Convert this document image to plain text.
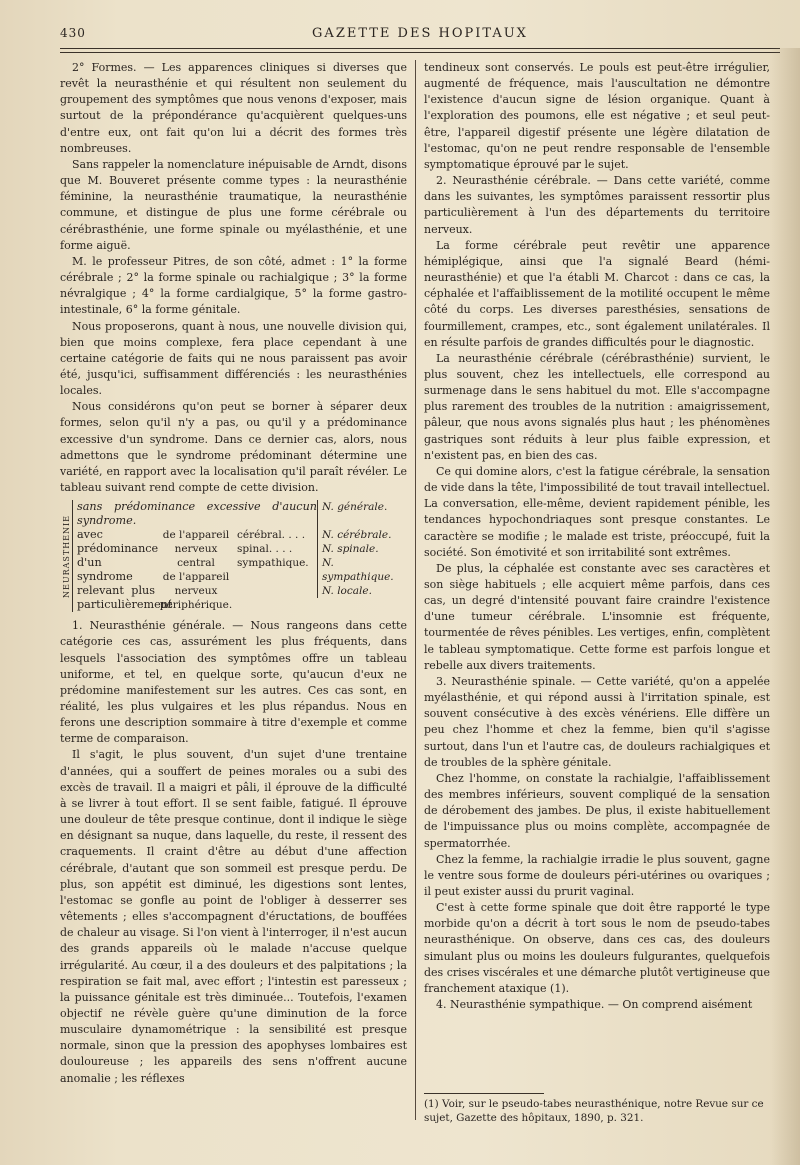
430	GAZETTE DES HOPITAUX

2° Formes. — Les apparences cliniques si diverses que revêt la neurasthénie et qui résultent non seulement du groupement des symptômes que nous venons d'exposer, mais surtout de la prépondérance qu'acquièrent quelques-uns d'entre eux, ont fait qu'on lui a décrit des formes très nombreuses.

Sans rappeler la nomenclature inépuisable de Arndt, disons que M. Bouveret présente comme types : la neurasthénie féminine, la neurasthénie traumatique, la neurasthénie commune, et distingue de plus une forme cérébrale ou cérébrasthénie, une forme spinale ou myélasthénie, et une forme aiguë.

M. le professeur Pitres, de son côté, admet : 1° la forme cérébrale ; 2° la forme spinale ou rachialgique ; 3° la forme névralgique ; 4° la forme cardialgique, 5° la forme gastro-intestinale, 6° la forme génitale.

Nous proposerons, quant à nous, une nouvelle division qui, bien que moins complexe, fera place cependant à une certaine catégorie de faits qui ne nous paraissent pas avoir été, jusqu'ici, suffisamment différenciés : les neurasthénies locales.

Nous considérons qu'on peut se borner à séparer deux formes, selon qu'il n'y a pas, ou qu'il y a prédominance excessive d'un syndrome. Dans ce dernier cas, alors, nous admettons que le syndrome prédominant détermine une variété, en rapport avec la localisation qu'il paraît révéler. Le tableau suivant rend compte de cette division.

NEURASTHÉNIE
sans prédominance excessive d'aucun syndrome.
N. générale.
avec prédominance d'un syndrome relevant plus particulièrement
de l'appareil nerveux central
de l'appareil nerveux périphérique.
cérébral. . . .
spinal. . . .
sympathique.
N. cérébrale.
N. spinale.
N. sympathique.
N. locale.

1. Neurasthénie générale. — Nous rangeons dans cette catégorie ces cas, assurément les plus fréquents, dans lesquels l'association des symptômes offre un tableau uniforme, et tel, en quelque sorte, qu'aucun d'eux ne prédomine manifestement sur les autres. Ces cas sont, en réalité, les plus vulgaires et les plus répandus. Nous en ferons une description sommaire à titre d'exemple et comme terme de comparaison.

Il s'agit, le plus souvent, d'un sujet d'une trentaine d'années, qui a souffert de peines morales ou a subi des excès de travail. Il a maigri et pâli, il éprouve de la difficulté à se livrer à tout effort. Il se sent faible, fatigué. Il éprouve une douleur de tête presque continue, dont il indique le siège en désignant sa nuque, dans laquelle, du reste, il ressent des craquements. Il craint d'être au début d'une affection cérébrale, d'autant que son sommeil est presque perdu. De plus, son appétit est diminué, les digestions sont lentes, l'estomac se gonfle au point de l'obliger à desserrer ses vêtements ; elles s'accompagnent d'éructations, de bouffées de chaleur au visage. Si l'on vient à l'interroger, il n'est aucun des grands appareils où le malade n'accuse quelque irrégularité. Au cœur, il a des douleurs et des palpitations ; la respiration se fait mal, avec effort ; l'intestin est paresseux ; la puissance génitale est très diminuée... Toutefois, l'examen objectif ne révèle guère qu'une diminution de la force musculaire dynamométrique : la sensibilité est presque normale, sinon que la pression des apophyses lombaires est douloureuse ; les appareils des sens n'offrent aucune anomalie ; les réflexes

tendineux sont conservés. Le pouls est peut-être irrégulier, augmenté de fréquence, mais l'auscultation ne démontre l'existence d'aucun signe de lésion organique. Quant à l'exploration des poumons, elle est négative ; et seul peut-être, l'appareil digestif présente une légère dilatation de l'estomac, qu'on ne peut rendre responsable de l'ensemble symptomatique éprouvé par le sujet.

2. Neurasthénie cérébrale. — Dans cette variété, comme dans les suivantes, les symptômes paraissent ressortir plus particulièrement à l'un des départements du territoire nerveux.

La forme cérébrale peut revêtir une apparence hémiplégique, ainsi que l'a signalé Beard (hémi-neurasthénie) et que l'a établi M. Charcot : dans ce cas, la céphalée et l'affaiblissement de la motilité occupent le même côté du corps. Les diverses paresthésies, sensations de fourmillement, crampes, etc., sont également unilatérales. Il en résulte parfois de grandes difficultés pour le diagnostic.

La neurasthénie cérébrale (cérébrasthénie) survient, le plus souvent, chez les intellectuels, elle correspond au surmenage dans le sens habituel du mot. Elle s'accompagne plus rarement des troubles de la nutrition : amaigrissement, pâleur, que nous avons signalés plus haut ; les phénomènes gastriques sont réduits à leur plus faible expression, et n'existent pas, en bien des cas.

Ce qui domine alors, c'est la fatigue cérébrale, la sensation de vide dans la tête, l'impossibilité de tout travail intellectuel. La conversation, elle-même, devient rapidement pénible, les tendances hypochondriaques sont presque constantes. Le caractère se modifie ; le malade est triste, préoccupé, fuit la société. Son émotivité et son irritabilité sont extrêmes.

De plus, la céphalée est constante avec ses caractères et son siège habituels ; elle acquiert même parfois, dans ces cas, un degré d'intensité pouvant faire craindre l'existence d'une tumeur cérébrale. L'insomnie est fréquente, tourmentée de rêves pénibles. Les vertiges, enfin, complètent le tableau symptomatique. Cette forme est parfois longue et rebelle aux divers traitements.

3. Neurasthénie spinale. — Cette variété, qu'on a appelée myélasthénie, et qui répond aussi à l'irritation spinale, est souvent consécutive à des excès vénériens. Elle diffère un peu chez l'homme et chez la femme, bien qu'il s'agisse surtout, dans l'un et l'autre cas, de douleurs rachialgiques et de troubles de la sphère génitale.

Chez l'homme, on constate la rachialgie, l'affaiblissement des membres inférieurs, souvent compliqué de la sensation de dérobement des jambes. De plus, il existe habituellement de l'impuissance plus ou moins complète, accompagnée de spermatorrhée.

Chez la femme, la rachialgie irradie le plus souvent, gagne le ventre sous forme de douleurs péri-utérines ou ovariques ; il peut exister aussi du prurit vaginal.

C'est à cette forme spinale que doit être rapporté le type morbide qu'on a décrit à tort sous le nom de pseudo-tabes neurasthénique. On observe, dans ces cas, des douleurs simulant plus ou moins les douleurs fulgurantes, quelquefois des crises viscérales et une démarche plutôt vertigineuse que franchement ataxique (1).

4. Neurasthénie sympathique. — On comprend aisément

(1) Voir, sur le pseudo-tabes neurasthénique, notre Revue sur ce sujet, Gazette des hôpitaux, 1890, p. 321.
